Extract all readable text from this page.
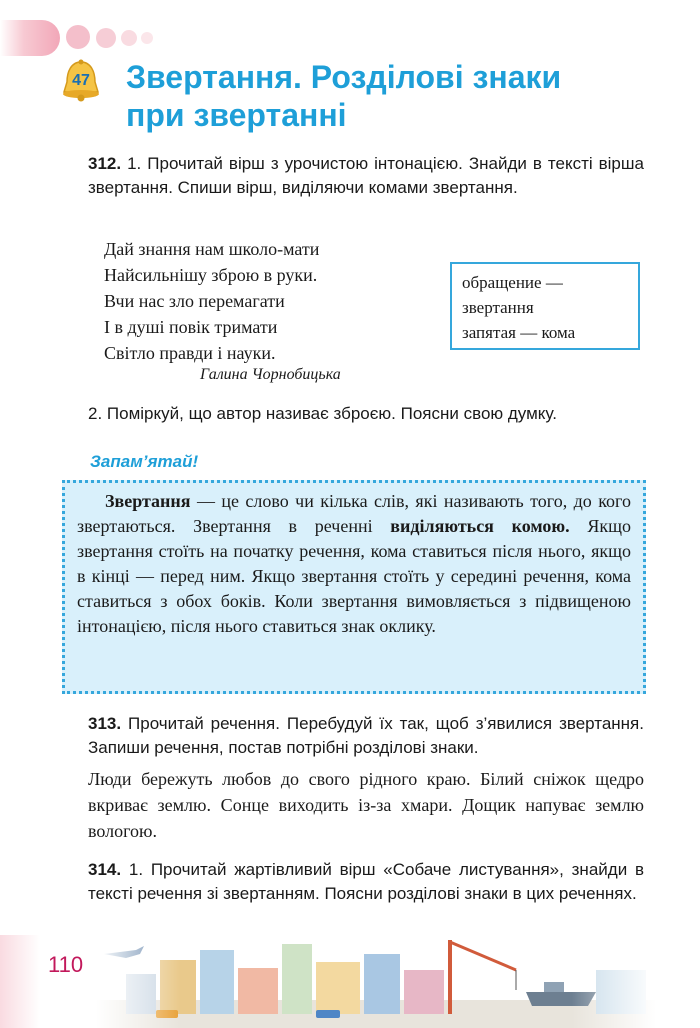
47	Звертання. Розділові знаки
при звертанні

312. 1. Прочитай вірш з урочистою інтонацією. Знайди в тексті вірша звертання. Спиши вірш, виділяючи комами звертання.

Дай знання нам школо-мати
Найсильнішу зброю в руки.
Вчи нас зло перемагати
І в душі повік тримати
Світло правди і науки.
Галина Чорнобицька
обращение —
звертання
запятая — кома

2. Поміркуй, що автор називає зброєю. Поясни свою думку.

Запам’ятай!

Звертання — це слово чи кілька слів, які називають того, до кого звертаються. Звертання в реченні виділяються комою. Якщо звертання стоїть на початку речення, кома ставиться після нього, якщо в кінці — перед ним. Якщо звертання стоїть у середині речення, кома ставиться з обох боків. Коли звертання вимовляється з підвищеною інтонацією, після нього ставиться знак оклику.

313. Прочитай речення. Перебудуй їх так, щоб з’явилися звертання. Запиши речення, постав потрібні розділові знаки.

Люди бережуть любов до свого рідного краю. Білий сніжок щедро вкриває землю. Сонце виходить із-за хмари. Дощик напуває землю вологою.

314. 1. Прочитай жартівливий вірш «Собаче листування», знайди в тексті речення зі звертанням. Поясни розділові знаки в цих реченнях.

110
